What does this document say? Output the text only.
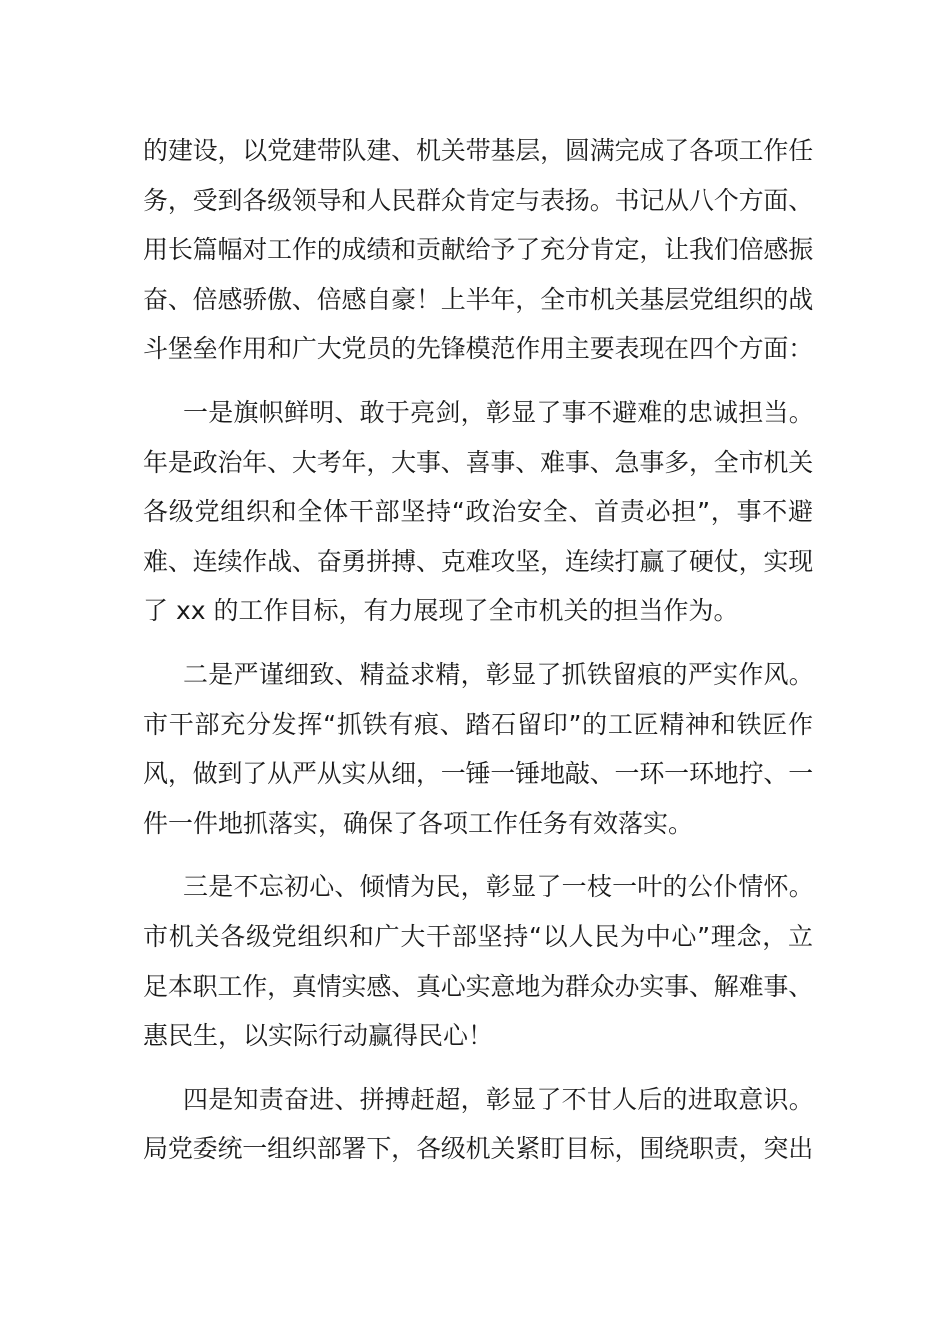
的建设，以党建带队建、机关带基层，圆满完成了各项工作任
务，受到各级领导和人民群众肯定与表扬。书记从八个方面、
用长篇幅对工作的成绩和贡献给予了充分肯定，让我们倍感振
奋、倍感骄傲、倍感自豪！上半年，全市机关基层党组织的战
斗堡垒作用和广大党员的先锋模范作用主要表现在四个方面：

一是旗帜鲜明、敢于亮剑，彰显了事不避难的忠诚担当。
年是政治年、大考年，大事、喜事、难事、急事多，全市机关
各级党组织和全体干部坚持“政治安全、首责必担”，事不避
难、连续作战、奋勇拼搏、克难攻坚，连续打赢了硬仗，实现
了 xx 的工作目标，有力展现了全市机关的担当作为。

二是严谨细致、精益求精，彰显了抓铁留痕的严实作风。
市干部充分发挥“抓铁有痕、踏石留印”的工匠精神和铁匠作
风，做到了从严从实从细，一锤一锤地敲、一环一环地拧、一
件一件地抓落实，确保了各项工作任务有效落实。

三是不忘初心、倾情为民，彰显了一枝一叶的公仆情怀。
市机关各级党组织和广大干部坚持“以人民为中心”理念，立
足本职工作，真情实感、真心实意地为群众办实事、解难事、
惠民生，以实际行动赢得民心！

四是知责奋进、拼搏赶超，彰显了不甘人后的进取意识。
局党委统一组织部署下，各级机关紧盯目标，围绕职责，突出
